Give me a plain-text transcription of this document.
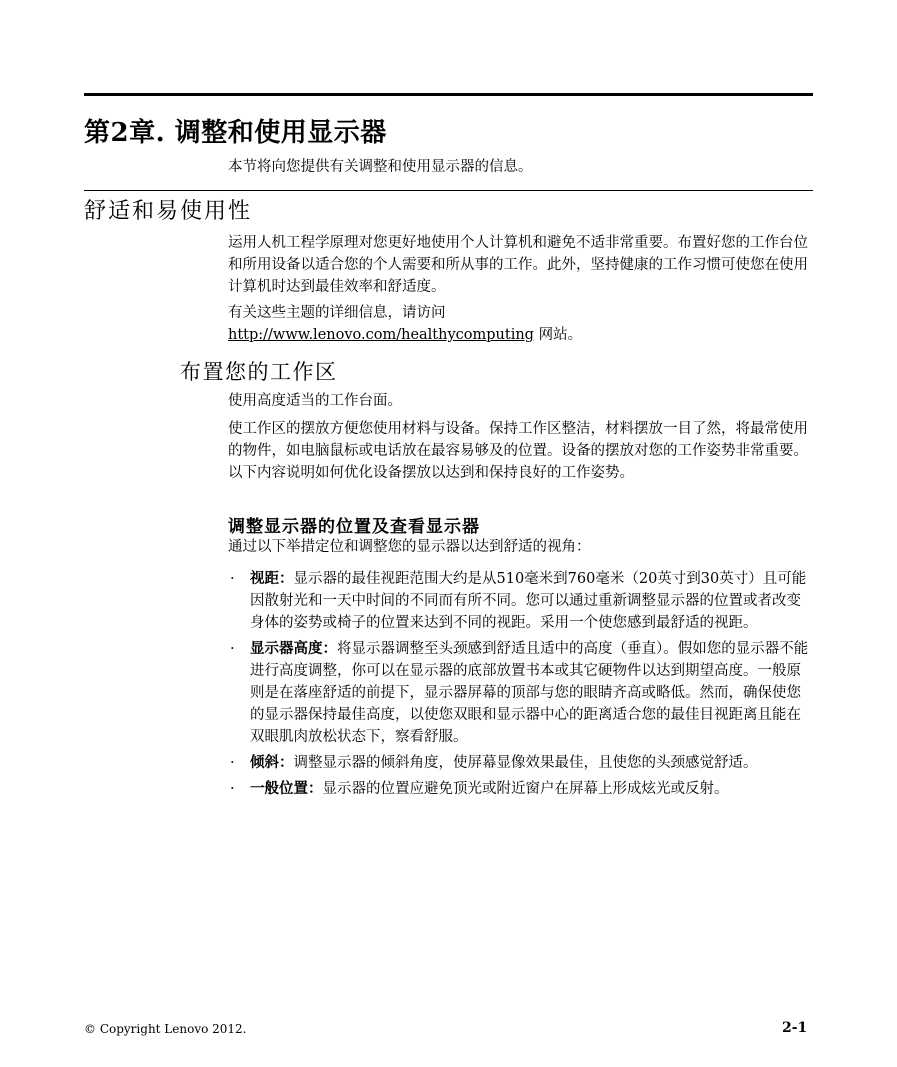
第2章. 调整和使用显示器
本节将向您提供有关调整和使用显示器的信息。
舒适和易使用性

运用人机工程学原理对您更好地使用个人计算机和避免不适非常重要。布置好您的工作台位和所用设备以适合您的个人需要和所从事的工作。此外，坚持健康的工作习惯可使您在使用计算机时达到最佳效率和舒适度。

有关这些主题的详细信息，请访问
http://www.lenovo.com/healthycomputing 网站。

布置您的工作区

使用高度适当的工作台面。

使工作区的摆放方便您使用材料与设备。保持工作区整洁，材料摆放一目了然，将最常使用的物件，如电脑鼠标或电话放在最容易够及的位置。设备的摆放对您的工作姿势非常重要。以下内容说明如何优化设备摆放以达到和保持良好的工作姿势。

调整显示器的位置及查看显示器

通过以下举措定位和调整您的显示器以达到舒适的视角：

· 视距：显示器的最佳视距范围大约是从510毫米到760毫米（20英寸到30英寸）且可能因散射光和一天中时间的不同而有所不同。您可以通过重新调整显示器的位置或者改变身体的姿势或椅子的位置来达到不同的视距。采用一个使您感到最舒适的视距。
· 显示器高度：将显示器调整至头颈感到舒适且适中的高度（垂直）。假如您的显示器不能进行高度调整，你可以在显示器的底部放置书本或其它硬物件以达到期望高度。一般原则是在落座舒适的前提下，显示器屏幕的顶部与您的眼睛齐高或略低。然而，确保使您的显示器保持最佳高度，以使您双眼和显示器中心的距离适合您的最佳目视距离且能在双眼肌肉放松状态下，察看舒服。
· 倾斜：调整显示器的倾斜角度，使屏幕显像效果最佳，且使您的头颈感觉舒适。
· 一般位置：显示器的位置应避免顶光或附近窗户在屏幕上形成炫光或反射。
© Copyright Lenovo 2012.	2-1
